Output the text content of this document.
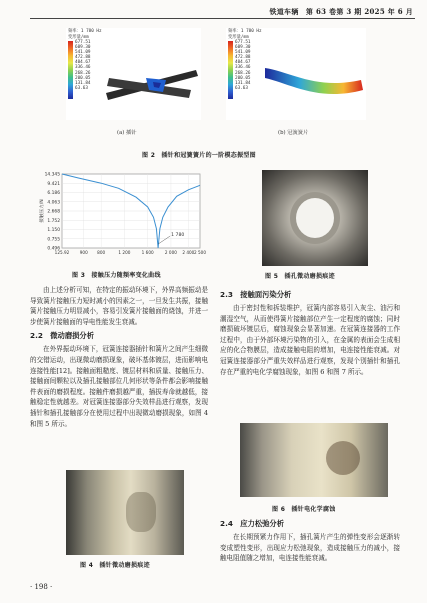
铁道车辆　第 63 卷第 3 期 2025 年 6 月
频率：1 780 Hz
变形量/mm
677.51
609.30
541.09
472.88
404.67
336.46
268.26
200.05
131.84
63.63
(a) 插针
频率：1 780 Hz
变形量/mm
677.51
609.30
541.09
472.88
404.67
336.46
268.26
200.05
131.84
63.63
(b) 冠簧簧片
图 2　插针和冠簧簧片的一阶模态振型图
14.345
9.421
6.186
4.063
2.668
1.752
1.150
0.755
0.496
125.92 900 800	1 200	1 600	2 000 2 400 2 500
接触压力/N
1 780
图 3　接触压力随频率变化曲线

由上述分析可知，在特定的振动环境下，外界高频振动是导致簧片接触压力短时减小的因素之一，一旦发生共振，接触簧片接触压力明显减小，容易引发簧片接触面的烧蚀，并进一步使簧片接触面的导电性能发生衰减。

2.2　微动磨损分析

在外界振动环境下，冠簧连接器插针和簧片之间产生细微的交错运动，出现微动磨损现象，破坏基体镀层，进而影响电连接性能[12]。接触面粗糙度、镀层材料和质量、接触压力、接触面间颗粒以及插孔接触部位几何形状等条件都会影响接触件表面的磨损程度。接触件磨损越严重，插拔寿命就越低，接触稳定性就越差。对冠簧连接器部分失效样品进行观察，发现插针和插孔接触部分在使用过程中出现微动磨损现象，如图 4 和图 5 所示。

图 4　插针微动磨损痕迹
· 198 ·
图 5　插孔微动磨损痕迹
2.3　接触面污染分析

由于密封性和拆装维护，冠簧内部容易引入灰尘、油污和潮湿空气，从而使得簧片接触部位产生一定程度的腐蚀；同时磨损破坏镀层后，腐蚀现象会显著加速。在冠簧连接器的工作过程中，由于外部环境污染物的引入，在金属的表面会生成相应的化合物膜层，造成接触电阻的增加，电连接性能衰减。对冠簧连接器部分严重失效样品进行观察，发现个别插针和插孔存在严重的电化学腐蚀现象，如图 6 和图 7 所示。

图 6　插针电化学腐蚀
2.4　应力松弛分析

在长期预紧力作用下，插孔簧片产生的弹性变形会逐渐转变成塑性变形，出现应力松弛现象，造成接触压力的减小，接触电阻值随之增加，电连接性能衰减。
